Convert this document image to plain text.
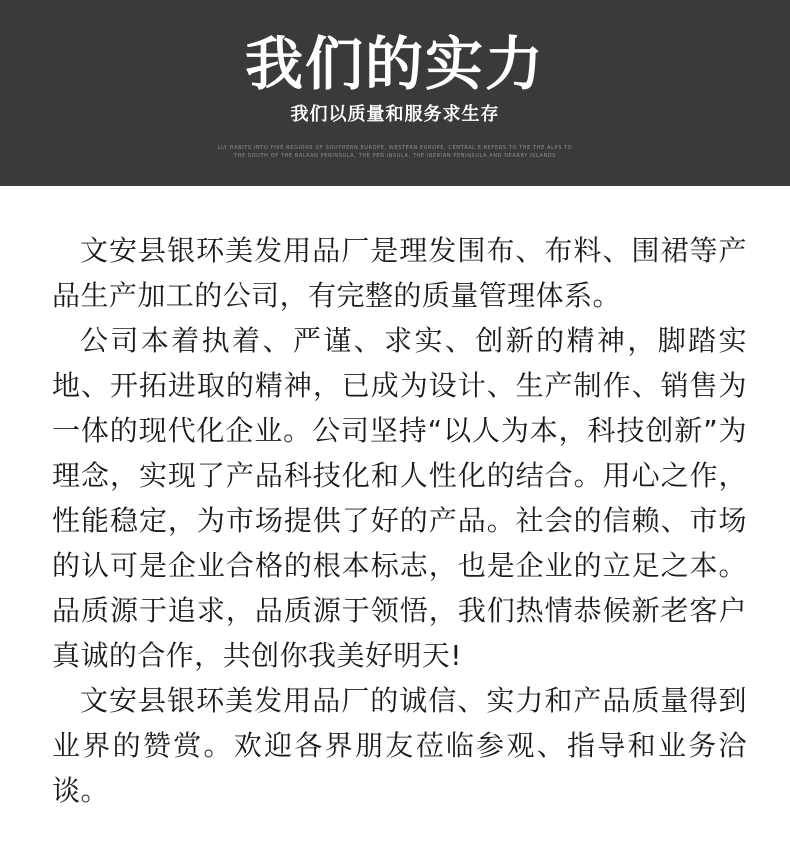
我们的实力
我们以质量和服务求生存
LLY HABITS INTO FIVE REGIONS OF SOUTHERN EUROPE, WESTERN EUROPE, CENTRAL E REFERS TO THE THE ALPS TO THE SOUTH OF THE BALKAN PENINSULA, THE PEN INSULA, THE IBERIAN PENINSULA AND NEARBY ISLANDS

文安县银环美发用品厂是理发围布、布料、围裙等产品生产加工的公司，有完整的质量管理体系。

公司本着执着、严谨、求实、创新的精神，脚踏实地、开拓进取的精神，已成为设计、生产制作、销售为一体的现代化企业。公司坚持“以人为本，科技创新”为理念，实现了产品科技化和人性化的结合。用心之作，性能稳定，为市场提供了好的产品。社会的信赖、市场的认可是企业合格的根本标志，也是企业的立足之本。品质源于追求，品质源于领悟，我们热情恭候新老客户真诚的合作，共创你我美好明天!

文安县银环美发用品厂的诚信、实力和产品质量得到业界的赞赏。欢迎各界朋友莅临参观、指导和业务洽谈。
